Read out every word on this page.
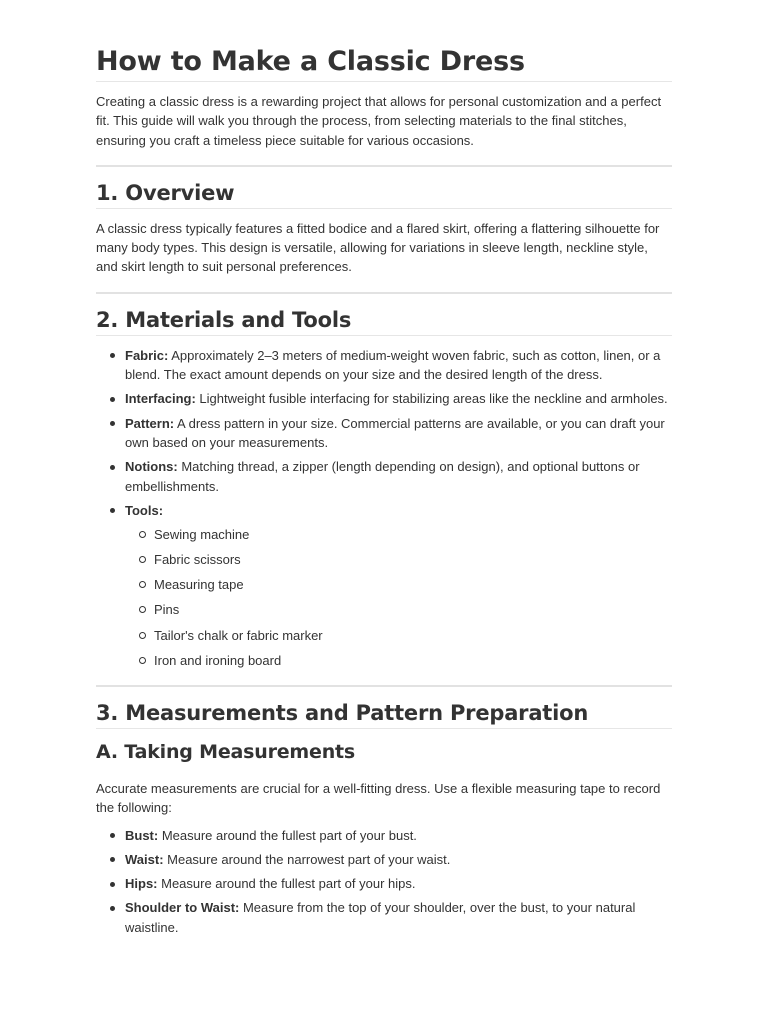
How to Make a Classic Dress

Creating a classic dress is a rewarding project that allows for personal customization and a perfect fit. This guide will walk you through the process, from selecting materials to the final stitches, ensuring you craft a timeless piece suitable for various occasions.

1. Overview

A classic dress typically features a fitted bodice and a flared skirt, offering a flattering silhouette for many body types. This design is versatile, allowing for variations in sleeve length, neckline style, and skirt length to suit personal preferences.

2. Materials and Tools
Fabric: Approximately 2–3 meters of medium-weight woven fabric, such as cotton, linen, or a blend. The exact amount depends on your size and the desired length of the dress.
Interfacing: Lightweight fusible interfacing for stabilizing areas like the neckline and armholes.
Pattern: A dress pattern in your size. Commercial patterns are available, or you can draft your own based on your measurements.
Notions: Matching thread, a zipper (length depending on design), and optional buttons or embellishments.
Tools:
Sewing machine
Fabric scissors
Measuring tape
Pins
Tailor's chalk or fabric marker
Iron and ironing board
3. Measurements and Pattern Preparation
A. Taking Measurements

Accurate measurements are crucial for a well-fitting dress. Use a flexible measuring tape to record the following:

Bust: Measure around the fullest part of your bust.
Waist: Measure around the narrowest part of your waist.
Hips: Measure around the fullest part of your hips.
Shoulder to Waist: Measure from the top of your shoulder, over the bust, to your natural waistline.
